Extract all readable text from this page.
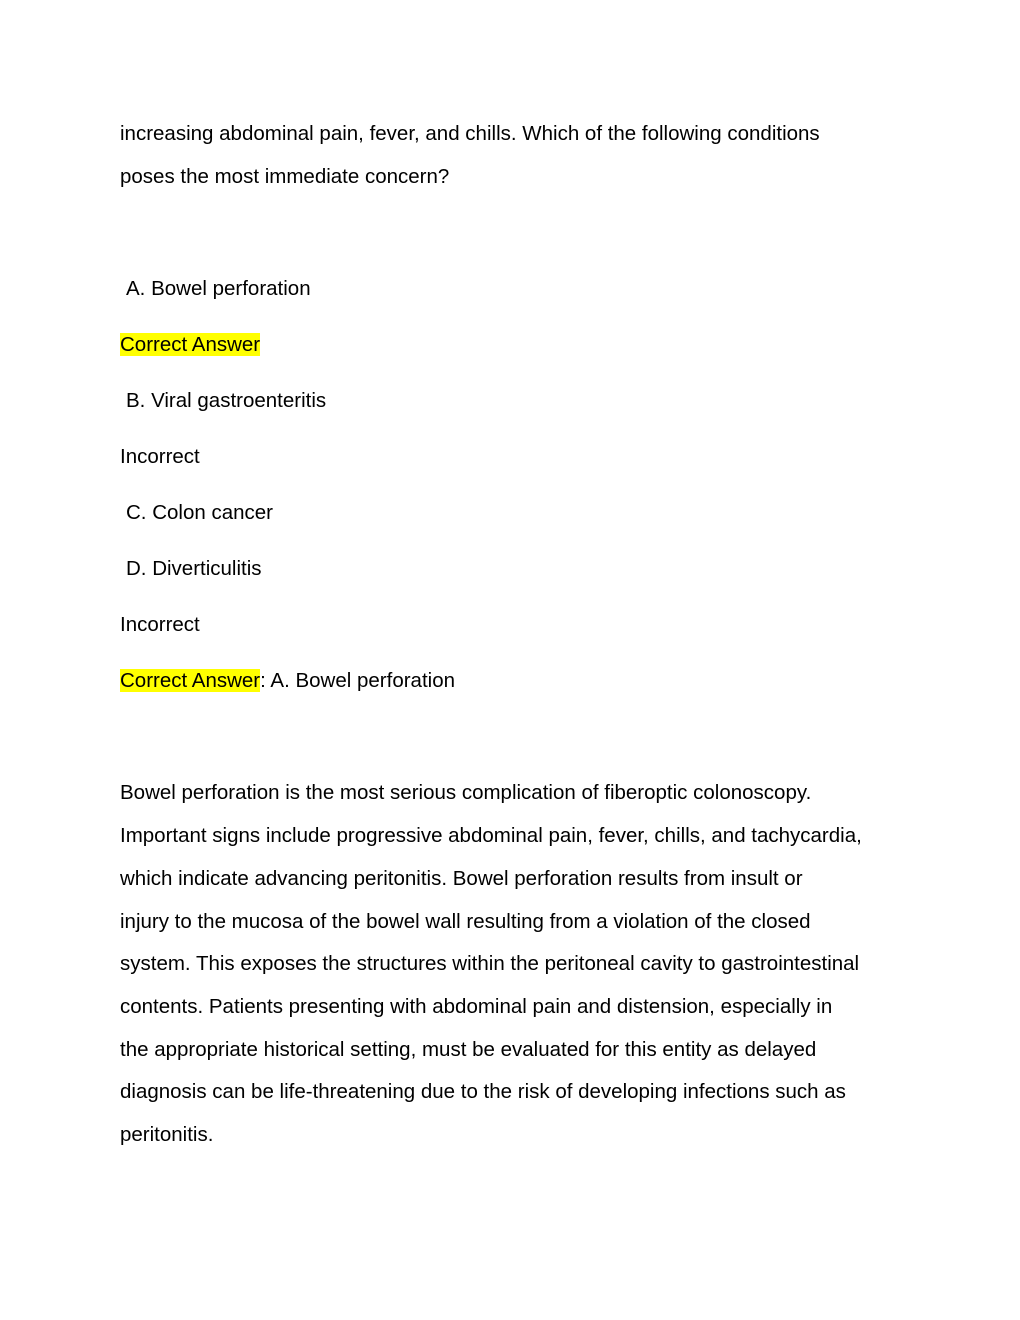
increasing abdominal pain, fever, and chills. Which of the following conditions
poses the most immediate concern?
A. Bowel perforation
Correct Answer
B. Viral gastroenteritis
Incorrect
C. Colon cancer
D. Diverticulitis
Incorrect
Correct Answer: A. Bowel perforation
Bowel perforation is the most serious complication of fiberoptic colonoscopy.
Important signs include progressive abdominal pain, fever, chills, and tachycardia,
which indicate advancing peritonitis. Bowel perforation results from insult or
injury to the mucosa of the bowel wall resulting from a violation of the closed
system. This exposes the structures within the peritoneal cavity to gastrointestinal
contents. Patients presenting with abdominal pain and distension, especially in
the appropriate historical setting, must be evaluated for this entity as delayed
diagnosis can be life-threatening due to the risk of developing infections such as
peritonitis.
